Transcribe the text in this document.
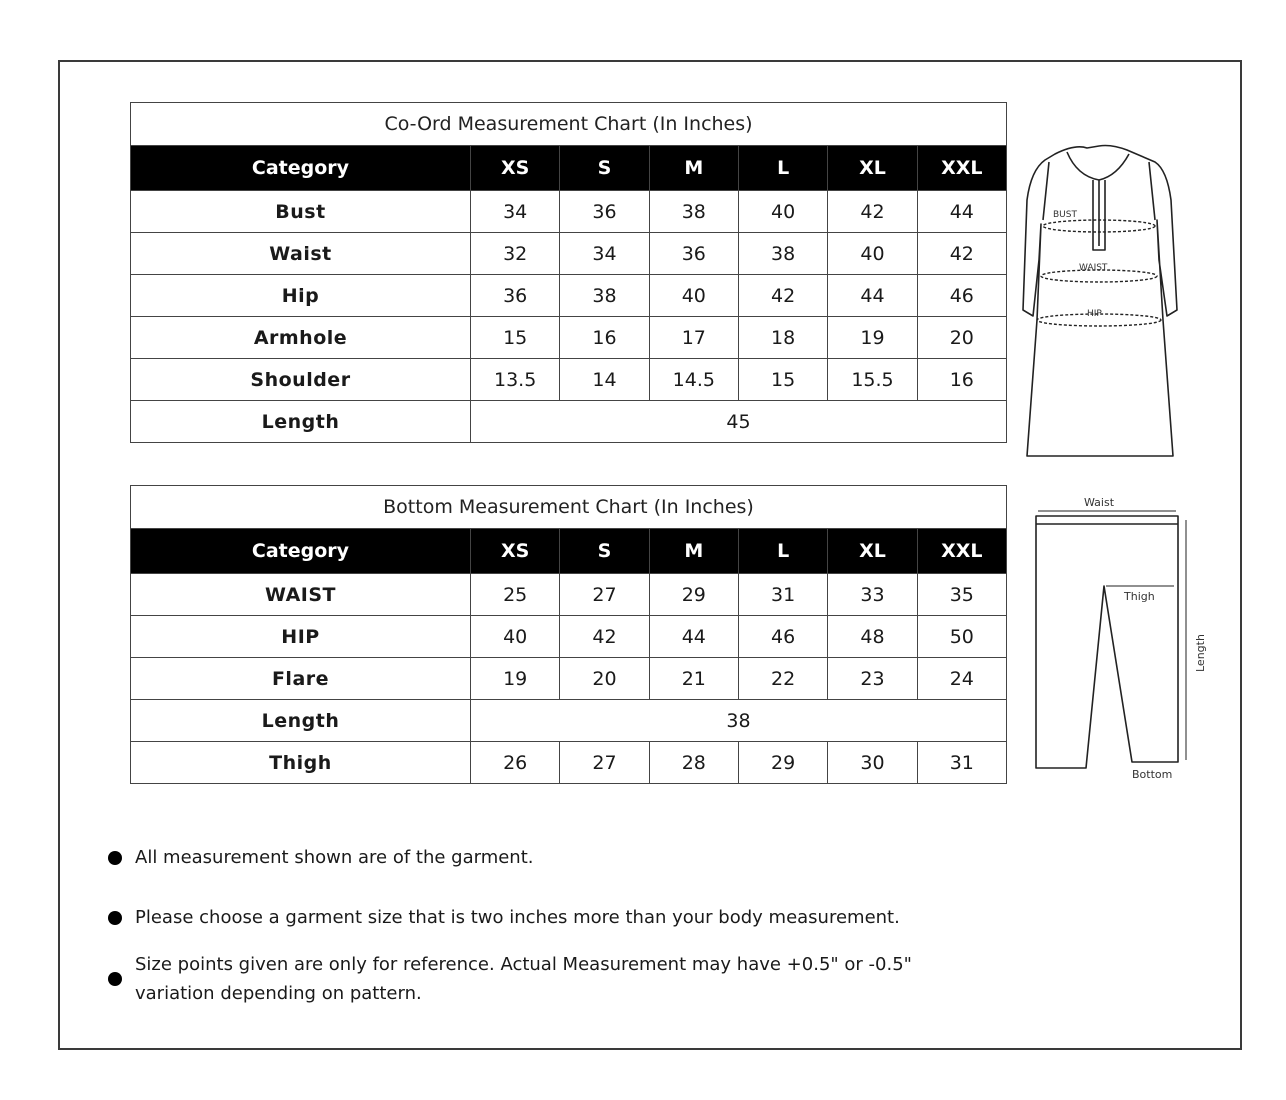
Co-Ord Measurement Chart (In Inches)						
Category	XS	S	M	L	XL	XXL
Bust	34	36	38	40	42	44
Waist	32	34	36	38	40	42
Hip	36	38	40	42	44	46
Armhole	15	16	17	18	19	20
Shoulder	13.5	14	14.5	15	15.5	16
Length	45					
Bottom Measurement Chart (In Inches)						
Category	XS	S	M	L	XL	XXL
WAIST	25	27	29	31	33	35
HIP	40	42	44	46	48	50
Flare	19	20	21	22	23	24
Length	38					
Thigh	26	27	28	29	30	31
BUST
WAIST
HIP
Waist
Thigh
Length
Bottom
All measurement shown are of the garment.
Please choose a garment size that is two inches more than your body measurement.
Size points given are only for reference. Actual Measurement may have +0.5" or -0.5"
variation depending on pattern.
